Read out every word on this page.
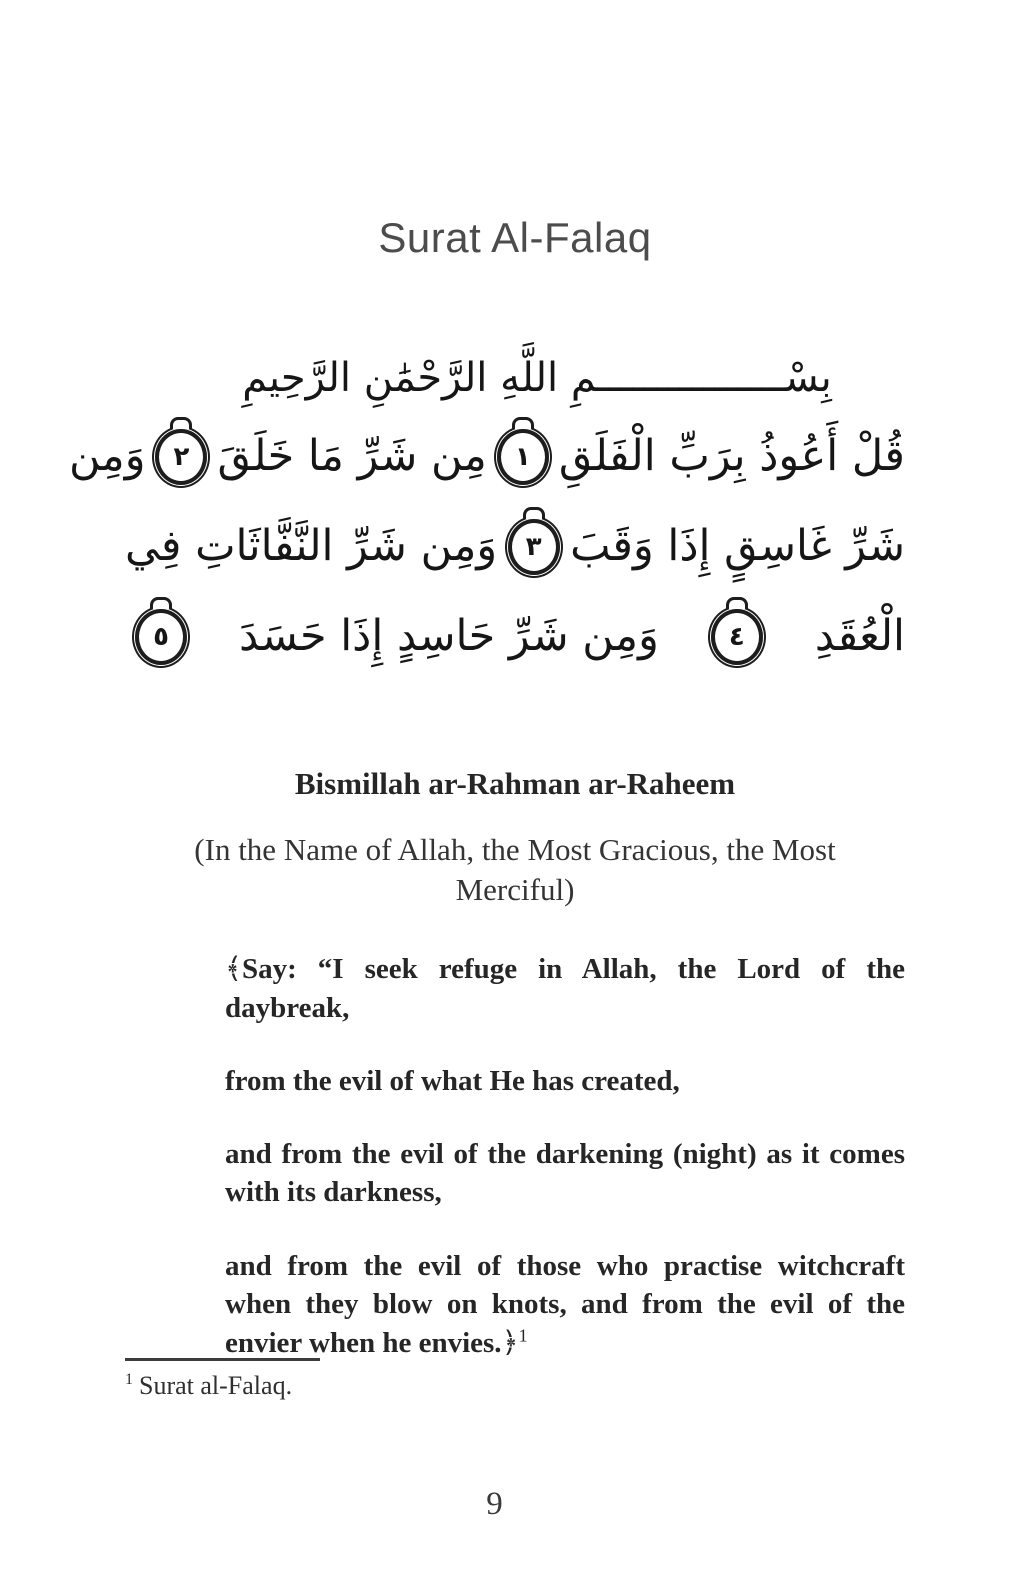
Surat Al-Falaq
بِسْــــــــــــــــمِ اللَّهِ الرَّحْمَٰنِ الرَّحِيمِ
قُلْ أَعُوذُ بِرَبِّ الْفَلَقِ
١
مِن شَرِّ مَا خَلَقَ
٢
وَمِن
شَرِّ غَاسِقٍ إِذَا وَقَبَ
٣
وَمِن شَرِّ النَّفَّاثَاتِ فِي
الْعُقَدِ
٤
وَمِن شَرِّ حَاسِدٍ إِذَا حَسَدَ
٥
Bismillah ar-Rahman ar-Raheem

(In the Name of Allah, the Most Gracious, the Most Merciful)

﴾Say: “I seek refuge in Allah, the Lord of the daybreak,

from the evil of what He has created,

and from the evil of the darkening (night) as it comes with its darkness,

and from the evil of those who practise witchcraft when they blow on knots, and from the evil of the envier when he envies.﴿$^1$

$^1$ Surat al-Falaq.

9
